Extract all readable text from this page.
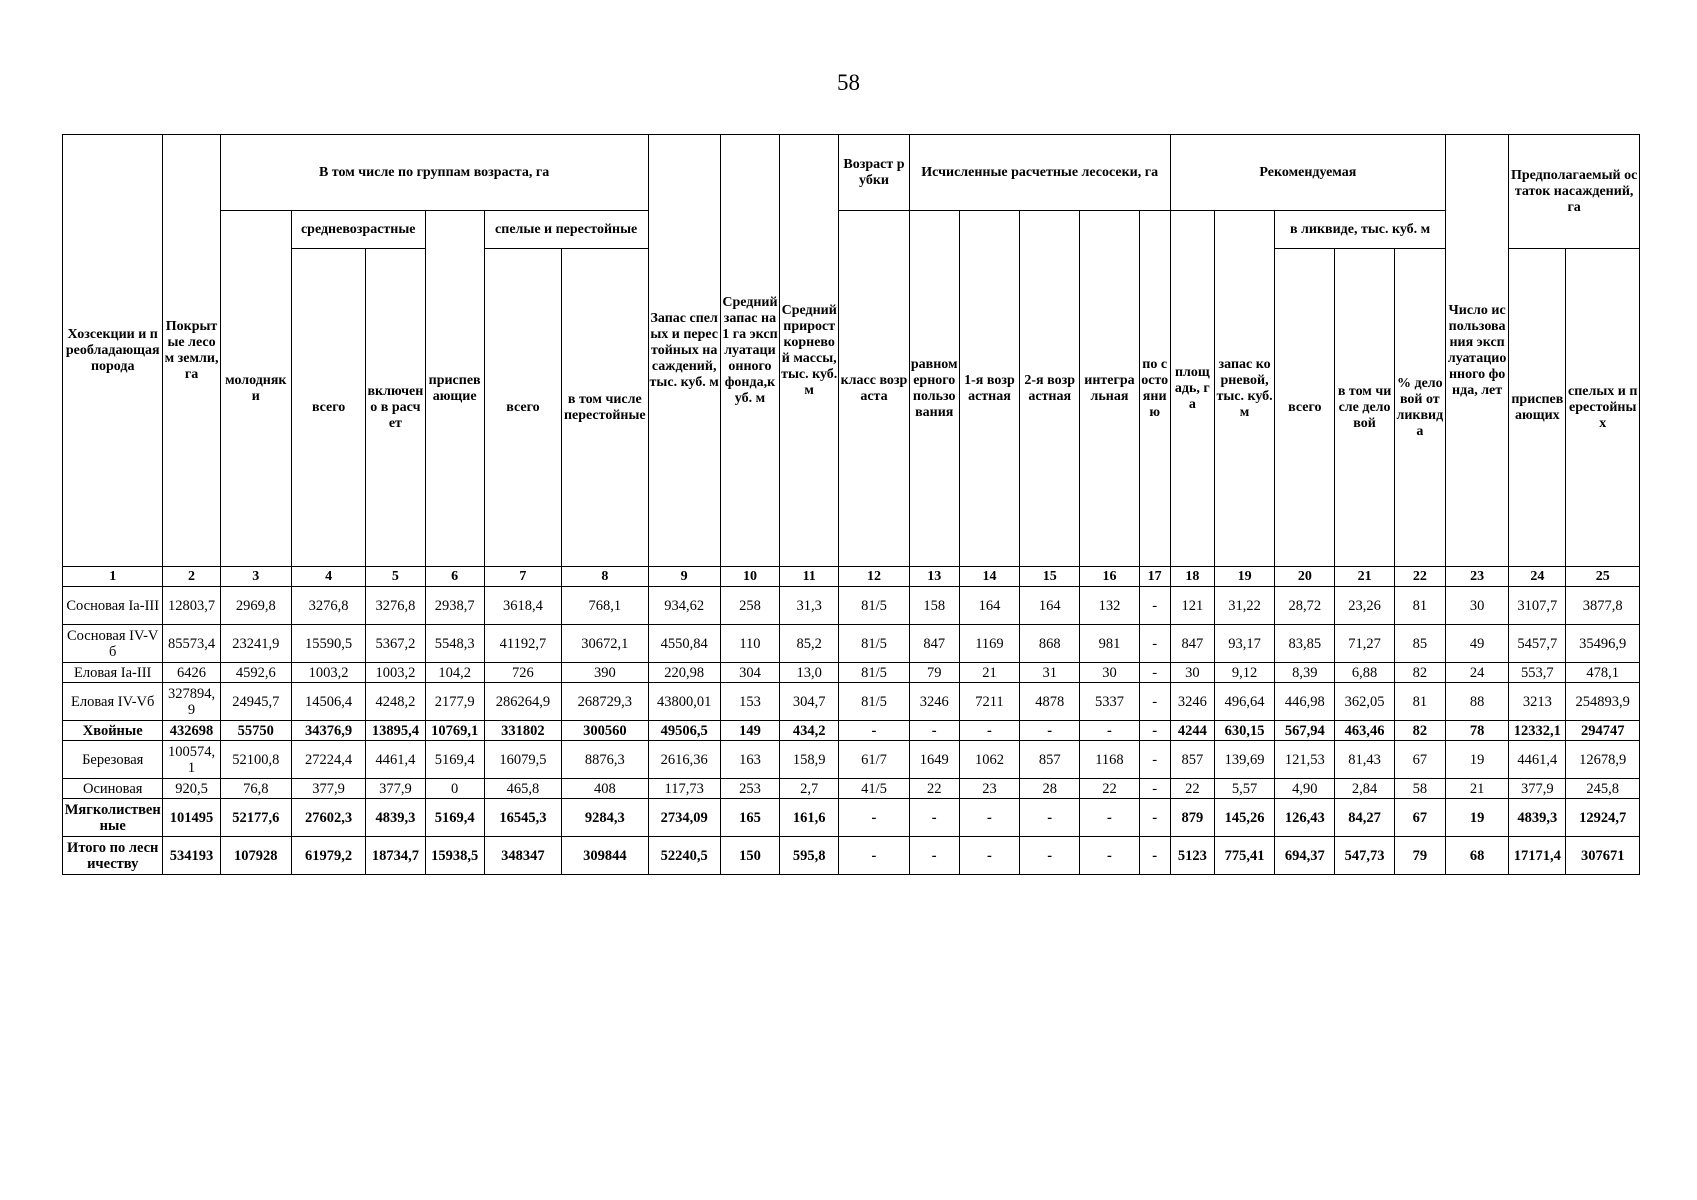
58
Хозсекции и преобладающая порода	Покрытые лесом земли, га	В том числе по группам возраста, га						Запас спелых и перестойных насаждений, тыс. куб. м	Средний запас на 1 га эксплуатационного фонда,куб. м	Средний прирост корневой массы, тыс. куб. м	Возраст рубки	Исчисленные расчетные лесосеки, га					Рекомендуемая					Число использования эксплуатационного фонда, лет	Предполагаемый остаток насаждений, га	
		молодняки	средневозрастные		приспевающие	спелые и перестойные					класс возраста	равномерного пользования	1-я возрастная	2-я возрастная	интегральная	по состоянию	площадь, га	запас корневой, тыс. куб. м	в ликвиде, тыс. куб. м					
			всего	включено в расчет		всего	в том числе перестойные												всего	в том числе деловой	% деловой от ликвида		приспевающих	спелых и перестойных
1	2	3	4	5	6	7	8	9	10	11	12	13	14	15	16	17	18	19	20	21	22	23	24	25
Сосновая Iа-III	12803,7	2969,8	3276,8	3276,8	2938,7	3618,4	768,1	934,62	258	31,3	81/5	158	164	164	132	-	121	31,22	28,72	23,26	81	30	3107,7	3877,8
Сосновая IV-Vб	85573,4	23241,9	15590,5	5367,2	5548,3	41192,7	30672,1	4550,84	110	85,2	81/5	847	1169	868	981	-	847	93,17	83,85	71,27	85	49	5457,7	35496,9
Еловая Iа-III	6426	4592,6	1003,2	1003,2	104,2	726	390	220,98	304	13,0	81/5	79	21	31	30	-	30	9,12	8,39	6,88	82	24	553,7	478,1
Еловая IV-Vб	327894,9	24945,7	14506,4	4248,2	2177,9	286264,9	268729,3	43800,01	153	304,7	81/5	3246	7211	4878	5337	-	3246	496,64	446,98	362,05	81	88	3213	254893,9
Хвойные	432698	55750	34376,9	13895,4	10769,1	331802	300560	49506,5	149	434,2	-	-	-	-	-	-	4244	630,15	567,94	463,46	82	78	12332,1	294747
Березовая	100574,1	52100,8	27224,4	4461,4	5169,4	16079,5	8876,3	2616,36	163	158,9	61/7	1649	1062	857	1168	-	857	139,69	121,53	81,43	67	19	4461,4	12678,9
Осиновая	920,5	76,8	377,9	377,9	0	465,8	408	117,73	253	2,7	41/5	22	23	28	22	-	22	5,57	4,90	2,84	58	21	377,9	245,8
Мягколиственные	101495	52177,6	27602,3	4839,3	5169,4	16545,3	9284,3	2734,09	165	161,6	-	-	-	-	-	-	879	145,26	126,43	84,27	67	19	4839,3	12924,7
Итого по лесничеству	534193	107928	61979,2	18734,7	15938,5	348347	309844	52240,5	150	595,8	-	-	-	-	-	-	5123	775,41	694,37	547,73	79	68	17171,4	307671
